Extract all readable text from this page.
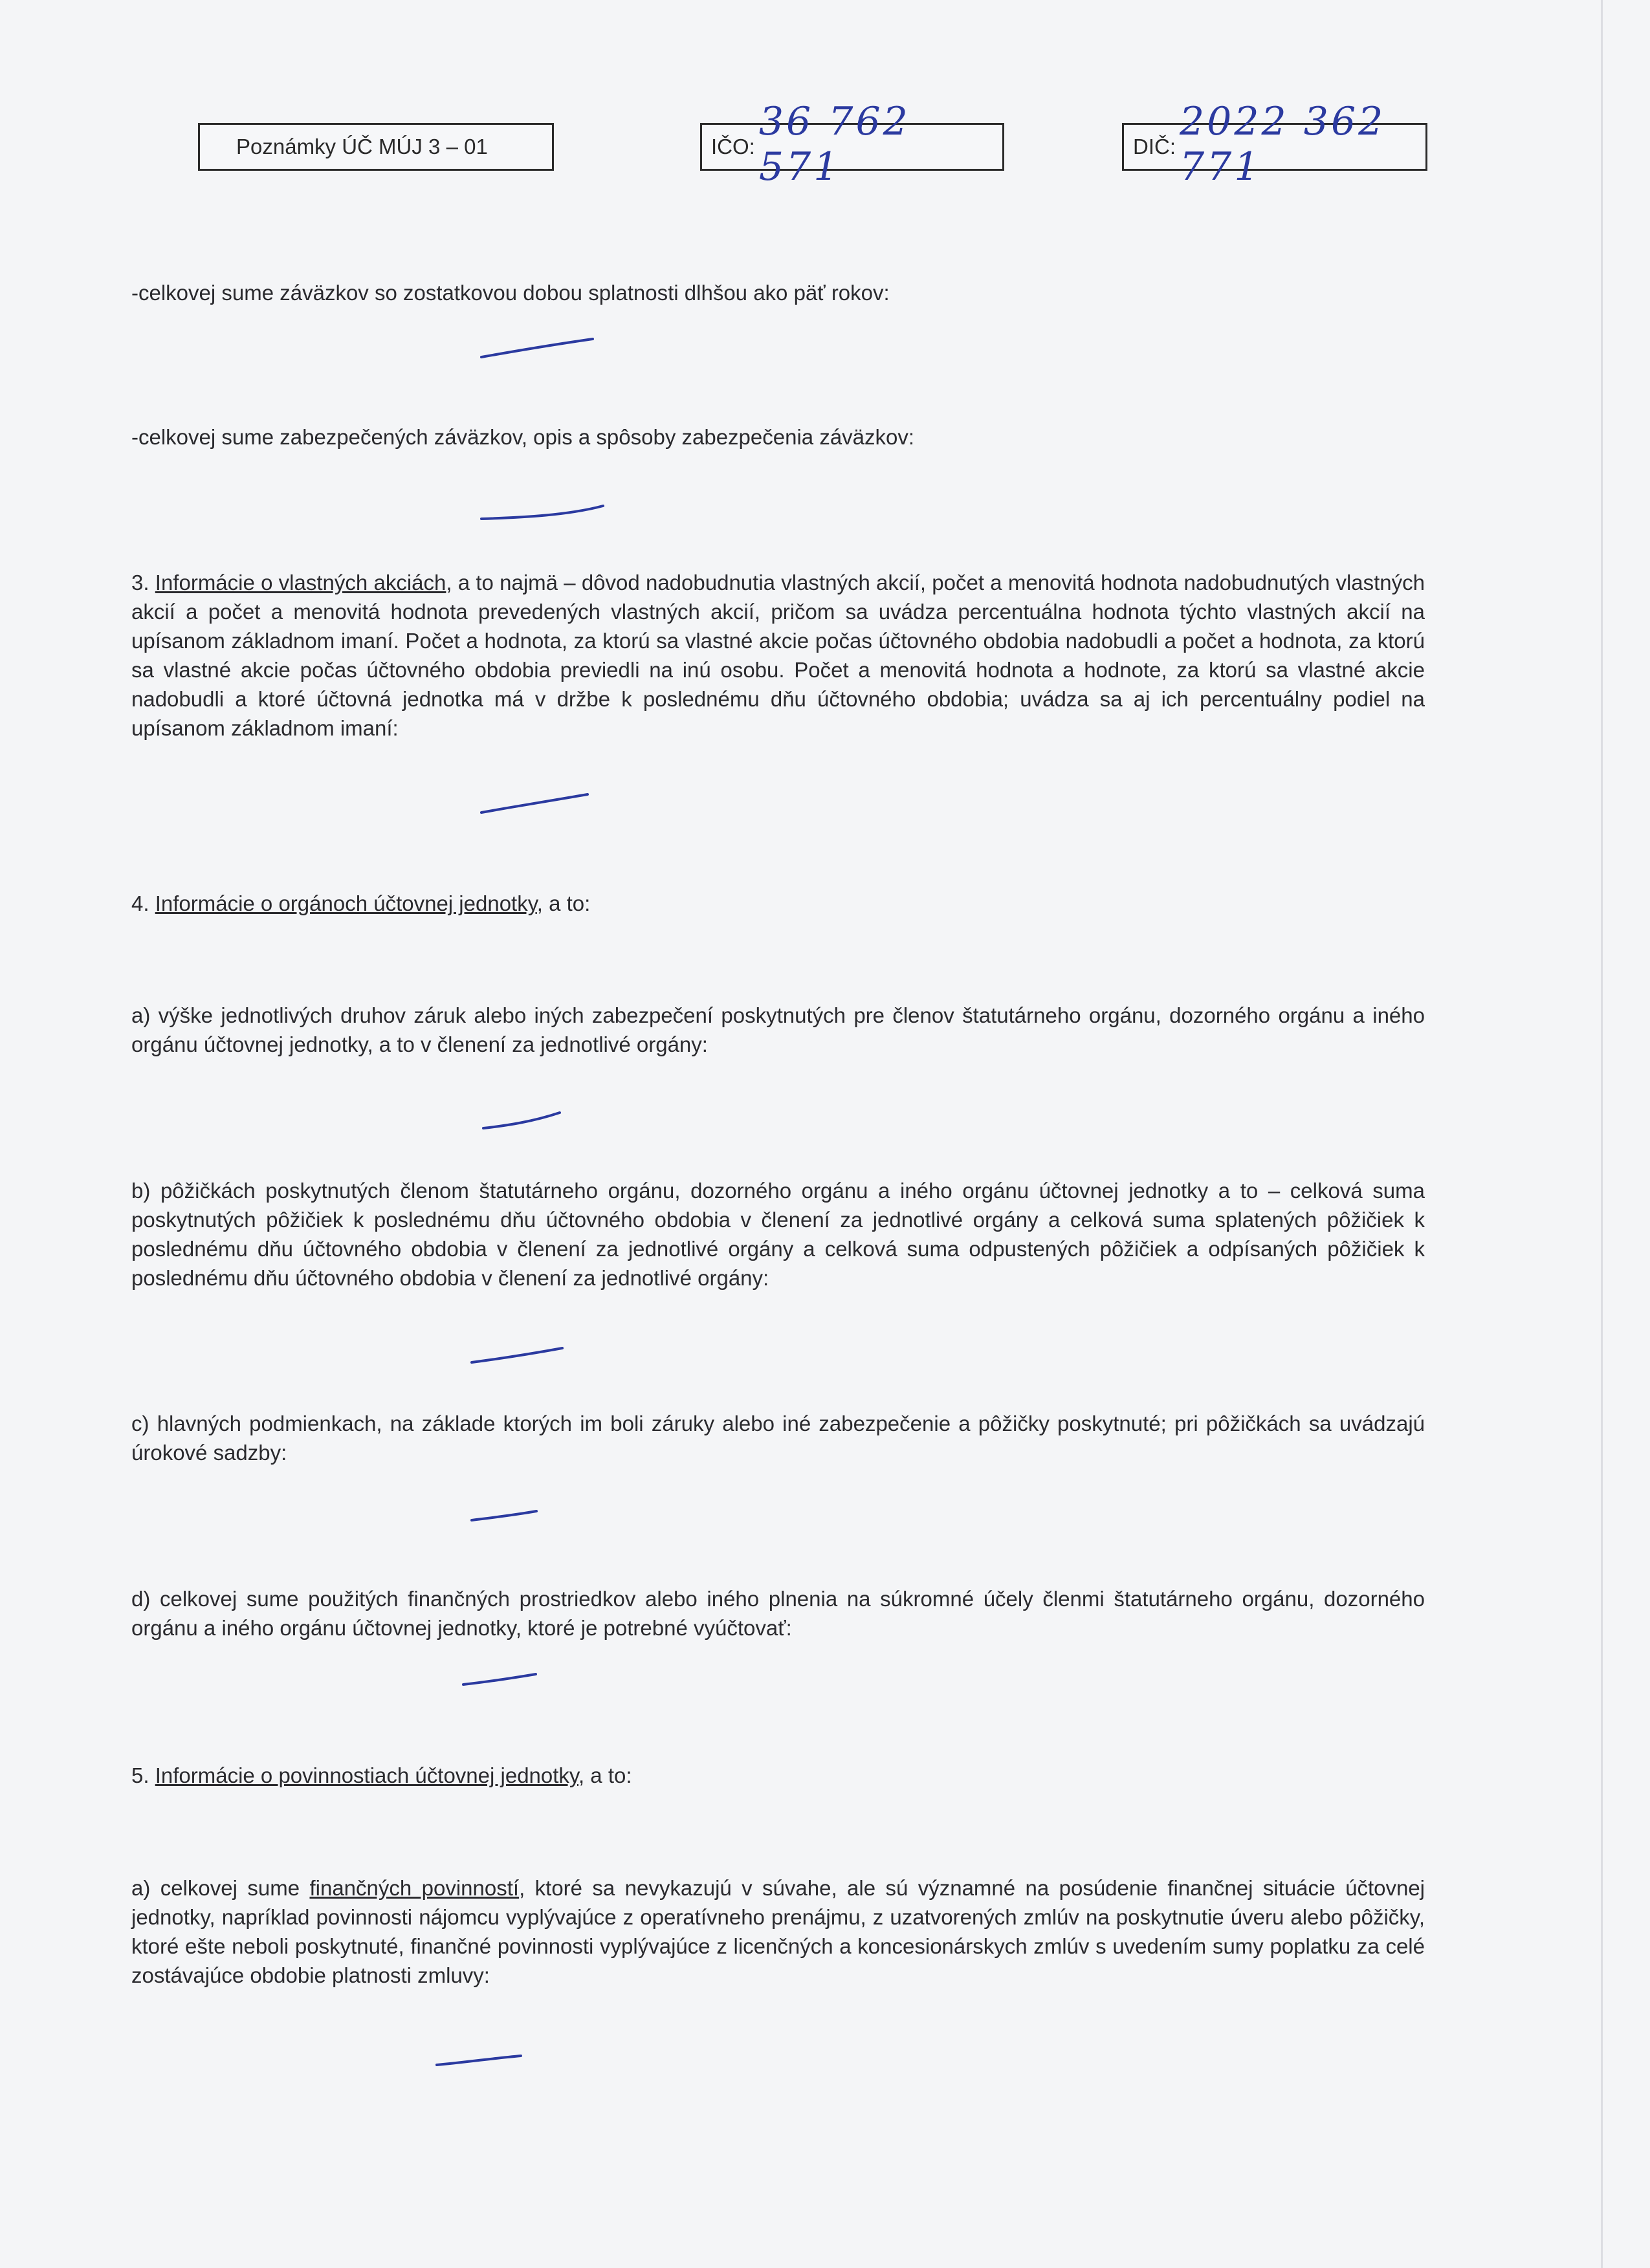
Poznámky ÚČ MÚJ 3 – 01	IČO:
36 762 571	DIČ:
2022 362 771

-celkovej sume záväzkov so zostatkovou dobou splatnosti dlhšou ako päť rokov:

-celkovej sume zabezpečených záväzkov, opis a spôsoby zabezpečenia záväzkov:

3. Informácie o vlastných akciách, a to najmä – dôvod nadobudnutia vlastných akcií, počet a menovitá hodnota nadobudnutých vlastných akcií a počet a menovitá hodnota prevedených vlastných akcií, pričom sa uvádza percentuálna hodnota týchto vlastných akcií na upísanom základnom imaní. Počet a hodnota, za ktorú sa vlastné akcie počas účtovného obdobia nadobudli a počet a hodnota, za ktorú sa vlastné akcie počas účtovného obdobia previedli na inú osobu. Počet a menovitá hodnota a hodnote, za ktorú sa vlastné akcie nadobudli a ktoré účtovná jednotka má v držbe k poslednému dňu účtovného obdobia; uvádza sa aj ich percentuálny podiel na upísanom základnom imaní:

4. Informácie o orgánoch účtovnej jednotky, a to:

a) výške jednotlivých druhov záruk alebo iných zabezpečení poskytnutých pre členov štatutárneho orgánu, dozorného orgánu a iného orgánu účtovnej jednotky, a to v členení za jednotlivé orgány:

b) pôžičkách poskytnutých členom štatutárneho orgánu, dozorného orgánu a iného orgánu účtovnej jednotky a to – celková suma poskytnutých pôžičiek k poslednému dňu účtovného obdobia v členení za jednotlivé orgány a celková suma splatených pôžičiek k poslednému dňu účtovného obdobia v členení za jednotlivé orgány a celková suma odpustených pôžičiek a odpísaných pôžičiek k poslednému dňu účtovného obdobia v členení za jednotlivé orgány:

c) hlavných podmienkach, na základe ktorých im boli záruky alebo iné zabezpečenie a pôžičky poskytnuté; pri pôžičkách sa uvádzajú úrokové sadzby:

d) celkovej sume použitých finančných prostriedkov alebo iného plnenia na súkromné účely členmi štatutárneho orgánu, dozorného orgánu a iného orgánu účtovnej jednotky, ktoré je potrebné vyúčtovať:

5. Informácie o povinnostiach účtovnej jednotky, a to:

a) celkovej sume finančných povinností, ktoré sa nevykazujú v súvahe, ale sú významné na posúdenie finančnej situácie účtovnej jednotky, napríklad povinnosti nájomcu vyplývajúce z operatívneho prenájmu, z uzatvorených zmlúv na poskytnutie úveru alebo pôžičky, ktoré ešte neboli poskytnuté, finančné povinnosti vyplývajúce z licenčných a koncesionárskych zmlúv s uvedením sumy poplatku za celé zostávajúce obdobie platnosti zmluvy:
